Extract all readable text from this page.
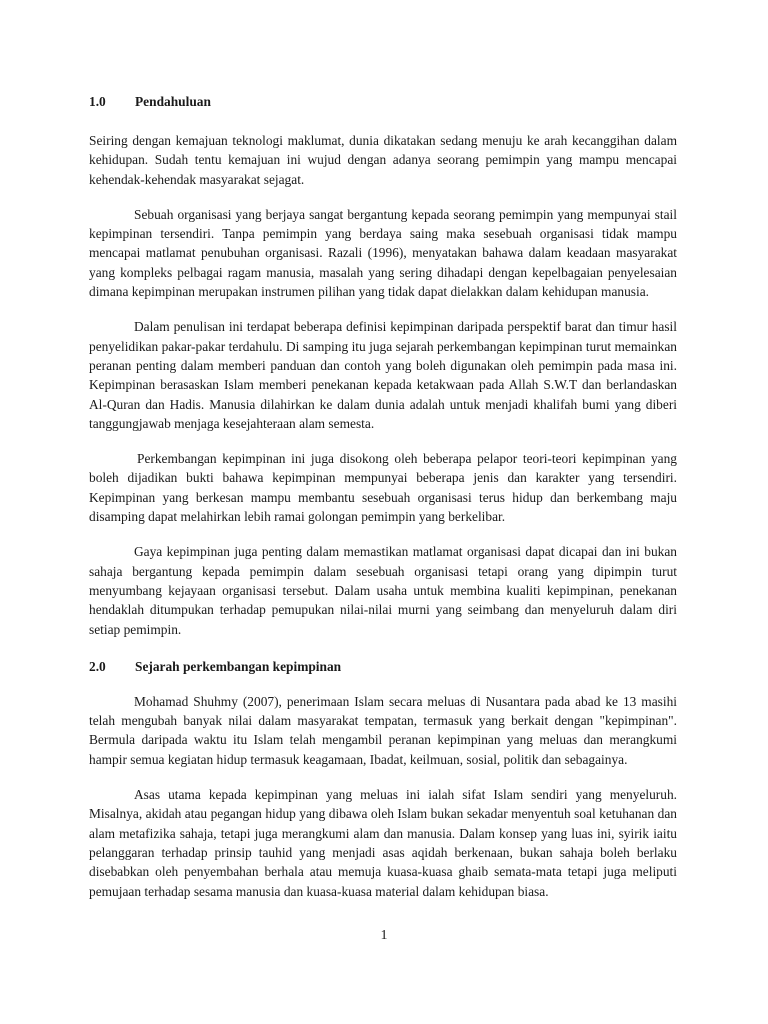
1.0	Pendahuluan

Seiring dengan kemajuan teknologi maklumat, dunia dikatakan sedang menuju ke arah kecanggihan dalam kehidupan. Sudah tentu kemajuan ini wujud dengan adanya seorang pemimpin yang mampu mencapai kehendak-kehendak masyarakat sejagat.

Sebuah organisasi yang berjaya sangat bergantung kepada seorang pemimpin yang mempunyai stail kepimpinan tersendiri. Tanpa pemimpin yang berdaya saing maka sesebuah organisasi tidak mampu mencapai matlamat penubuhan organisasi. Razali (1996), menyatakan bahawa dalam keadaan masyarakat yang kompleks pelbagai ragam manusia, masalah yang sering dihadapi dengan kepelbagaian penyelesaian dimana kepimpinan merupakan instrumen pilihan yang tidak dapat dielakkan dalam kehidupan manusia.

Dalam penulisan ini terdapat beberapa definisi kepimpinan daripada perspektif barat dan timur hasil penyelidikan pakar-pakar terdahulu. Di samping itu juga sejarah perkembangan kepimpinan turut memainkan peranan penting dalam memberi panduan dan contoh yang boleh digunakan oleh pemimpin pada masa ini. Kepimpinan berasaskan Islam memberi penekanan kepada ketakwaan pada Allah S.W.T dan berlandaskan Al-Quran dan Hadis. Manusia dilahirkan ke dalam dunia adalah untuk menjadi khalifah bumi yang diberi tanggungjawab menjaga kesejahteraan alam semesta.

Perkembangan kepimpinan ini juga disokong oleh beberapa pelapor teori-teori kepimpinan yang boleh dijadikan bukti bahawa kepimpinan mempunyai beberapa jenis dan karakter yang tersendiri. Kepimpinan yang berkesan mampu membantu sesebuah organisasi terus hidup dan berkembang maju disamping dapat melahirkan lebih ramai golongan pemimpin yang berkelibar.

Gaya kepimpinan juga penting dalam memastikan matlamat organisasi dapat dicapai dan ini bukan sahaja bergantung kepada pemimpin dalam sesebuah organisasi tetapi orang yang dipimpin turut menyumbang kejayaan organisasi tersebut. Dalam usaha untuk membina kualiti kepimpinan, penekanan hendaklah ditumpukan terhadap pemupukan nilai-nilai murni yang seimbang dan menyeluruh dalam diri setiap pemimpin.

2.0	Sejarah perkembangan kepimpinan

Mohamad Shuhmy (2007), penerimaan Islam secara meluas di Nusantara pada abad ke 13 masihi telah mengubah banyak nilai dalam masyarakat tempatan, termasuk yang berkait dengan "kepimpinan". Bermula daripada waktu itu Islam telah mengambil peranan kepimpinan yang meluas dan merangkumi hampir semua kegiatan hidup termasuk keagamaan, Ibadat, keilmuan, sosial, politik dan sebagainya.

Asas utama kepada kepimpinan yang meluas ini ialah sifat Islam sendiri yang menyeluruh. Misalnya, akidah atau pegangan hidup yang dibawa oleh Islam bukan sekadar menyentuh soal ketuhanan dan alam metafizika sahaja, tetapi juga merangkumi alam dan manusia. Dalam konsep yang luas ini, syirik iaitu pelanggaran terhadap prinsip tauhid yang menjadi asas aqidah berkenaan, bukan sahaja boleh berlaku disebabkan oleh penyembahan berhala atau memuja kuasa-kuasa ghaib semata-mata tetapi juga meliputi pemujaan terhadap sesama manusia dan kuasa-kuasa material dalam kehidupan biasa.

1
